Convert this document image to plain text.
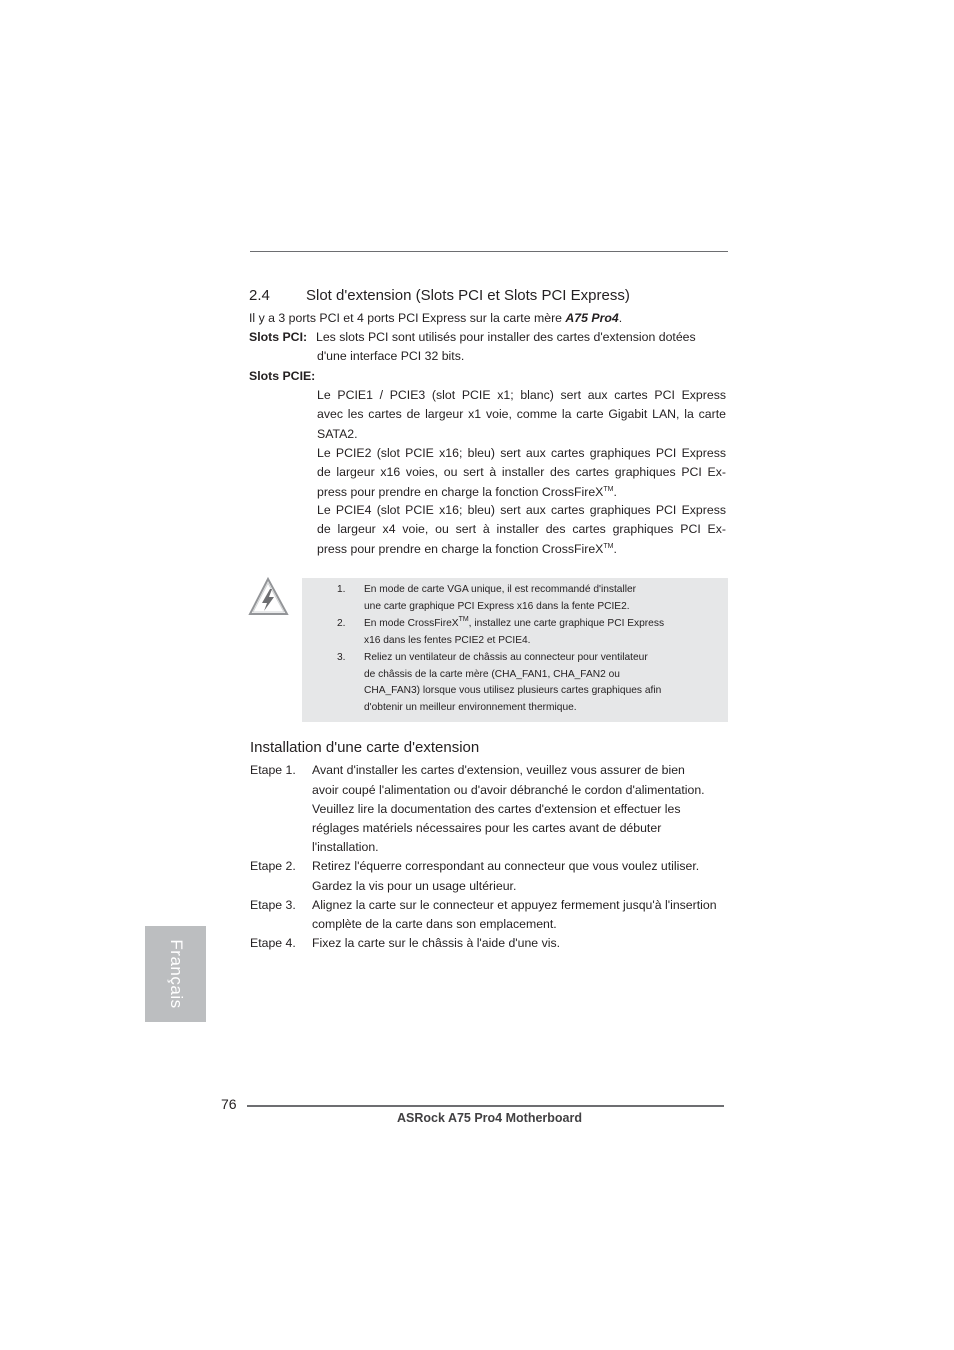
2.4 Slot d'extension (Slots PCI et Slots PCI Express)
Il y a 3 ports PCI et 4 ports PCI Express sur la carte mère A75 Pro4.
Slots PCI: Les slots PCI sont utilisés pour installer des cartes d'extension dotées
d'une interface PCI 32 bits.
Slots PCIE:
Le PCIE1 / PCIE3 (slot PCIE x1; blanc) sert aux cartes PCI Express
avec les cartes de largeur x1 voie, comme la carte Gigabit LAN, la carte
SATA2.
Le PCIE2 (slot PCIE x16; bleu) sert aux cartes graphiques PCI Express
de largeur x16 voies, ou sert à installer des cartes graphiques PCI Ex-
press pour prendre en charge la fonction CrossFireX™.
Le PCIE4 (slot PCIE x16; bleu) sert aux cartes graphiques PCI Express
de largeur x4 voie, ou sert à installer des cartes graphiques PCI Ex-
press pour prendre en charge la fonction CrossFireX™.
1. En mode de carte VGA unique, il est recommandé d'installer
une carte graphique PCI Express x16 dans la fente PCIE2.
2. En mode CrossFireX™, installez une carte graphique PCI Express
x16 dans les fentes PCIE2 et PCIE4.
3. Reliez un ventilateur de châssis au connecteur pour ventilateur
de châssis de la carte mère (CHA_FAN1, CHA_FAN2 ou
CHA_FAN3) lorsque vous utilisez plusieurs cartes graphiques afin
d'obtenir un meilleur environnement thermique.
Installation d'une carte d'extension
Etape 1. Avant d'installer les cartes d'extension, veuillez vous assurer de bien
avoir coupé l'alimentation ou d'avoir débranché le cordon d'alimentation.
Veuillez lire la documentation des cartes d'extension et effectuer les
réglages matériels nécessaires pour les cartes avant de débuter
l'installation.
Etape 2. Retirez l'équerre correspondant au connecteur que vous voulez utiliser.
Gardez la vis pour un usage ultérieur.
Etape 3. Alignez la carte sur le connecteur et appuyez fermement jusqu'à l'insertion
complète de la carte dans son emplacement.
Etape 4. Fixez la carte sur le châssis à l'aide d'une vis.
Français
76
ASRock A75 Pro4 Motherboard
